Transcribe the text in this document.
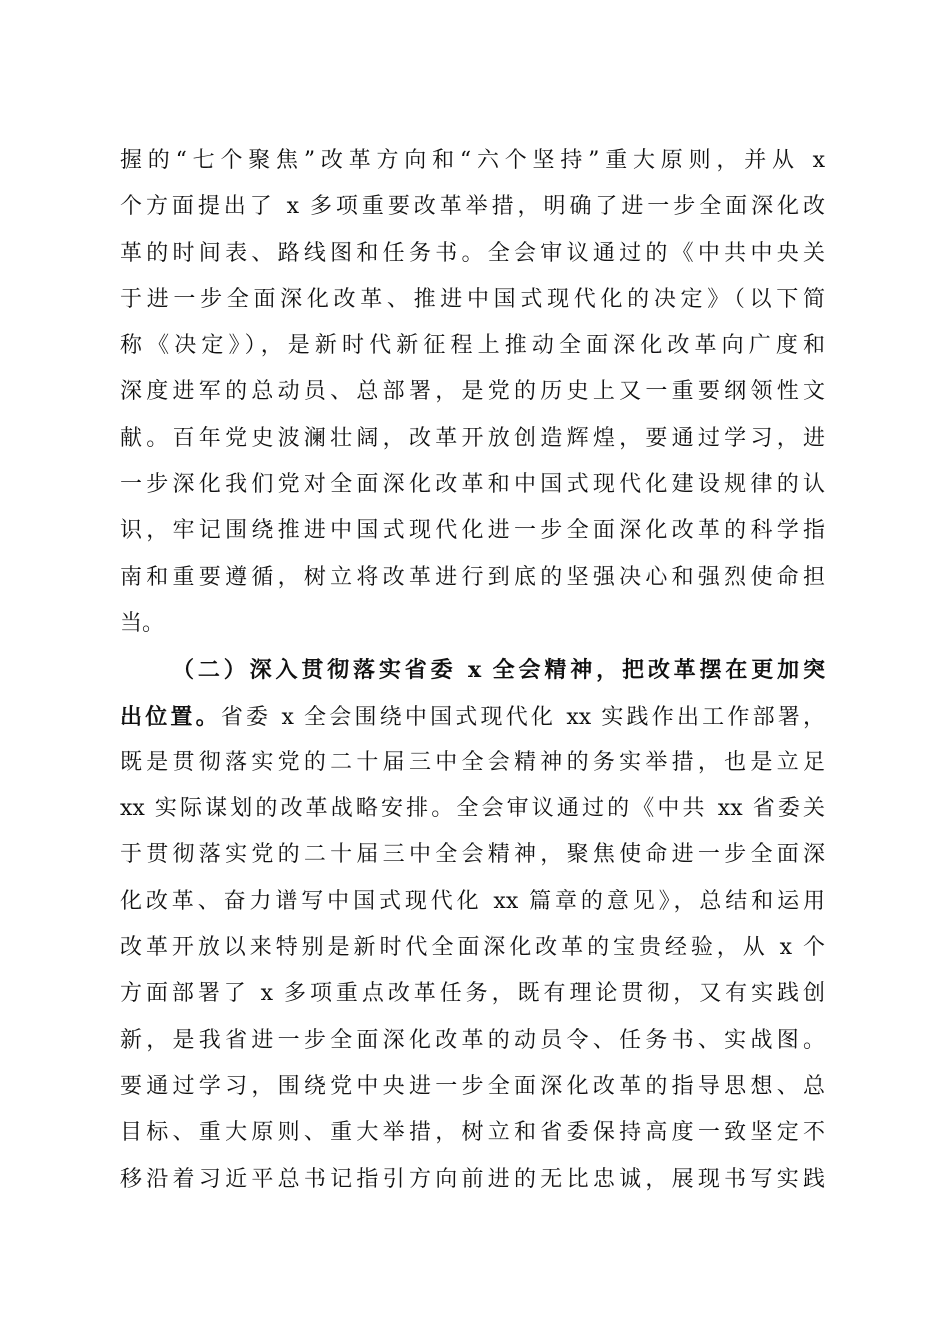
握的“七个聚焦”改革方向和“六个坚持”重大原则，并从 x
个方面提出了 x 多项重要改革举措，明确了进一步全面深化改
革的时间表、路线图和任务书。全会审议通过的《中共中央关
于进一步全面深化改革、推进中国式现代化的决定》（以下简
称《决定》），是新时代新征程上推动全面深化改革向广度和
深度进军的总动员、总部署，是党的历史上又一重要纲领性文
献。百年党史波澜壮阔，改革开放创造辉煌，要通过学习，进
一步深化我们党对全面深化改革和中国式现代化建设规律的认
识，牢记围绕推进中国式现代化进一步全面深化改革的科学指
南和重要遵循，树立将改革进行到底的坚强决心和强烈使命担
当。
（二）深入贯彻落实省委 x 全会精神，把改革摆在更加突
出位置。省委 x 全会围绕中国式现代化 xx 实践作出工作部署，
既是贯彻落实党的二十届三中全会精神的务实举措，也是立足
xx 实际谋划的改革战略安排。全会审议通过的《中共 xx 省委关
于贯彻落实党的二十届三中全会精神，聚焦使命进一步全面深
化改革、奋力谱写中国式现代化 xx 篇章的意见》，总结和运用
改革开放以来特别是新时代全面深化改革的宝贵经验，从 x 个
方面部署了 x 多项重点改革任务，既有理论贯彻，又有实践创
新，是我省进一步全面深化改革的动员令、任务书、实战图。
要通过学习，围绕党中央进一步全面深化改革的指导思想、总
目标、重大原则、重大举措，树立和省委保持高度一致坚定不
移沿着习近平总书记指引方向前进的无比忠诚，展现书写实践
